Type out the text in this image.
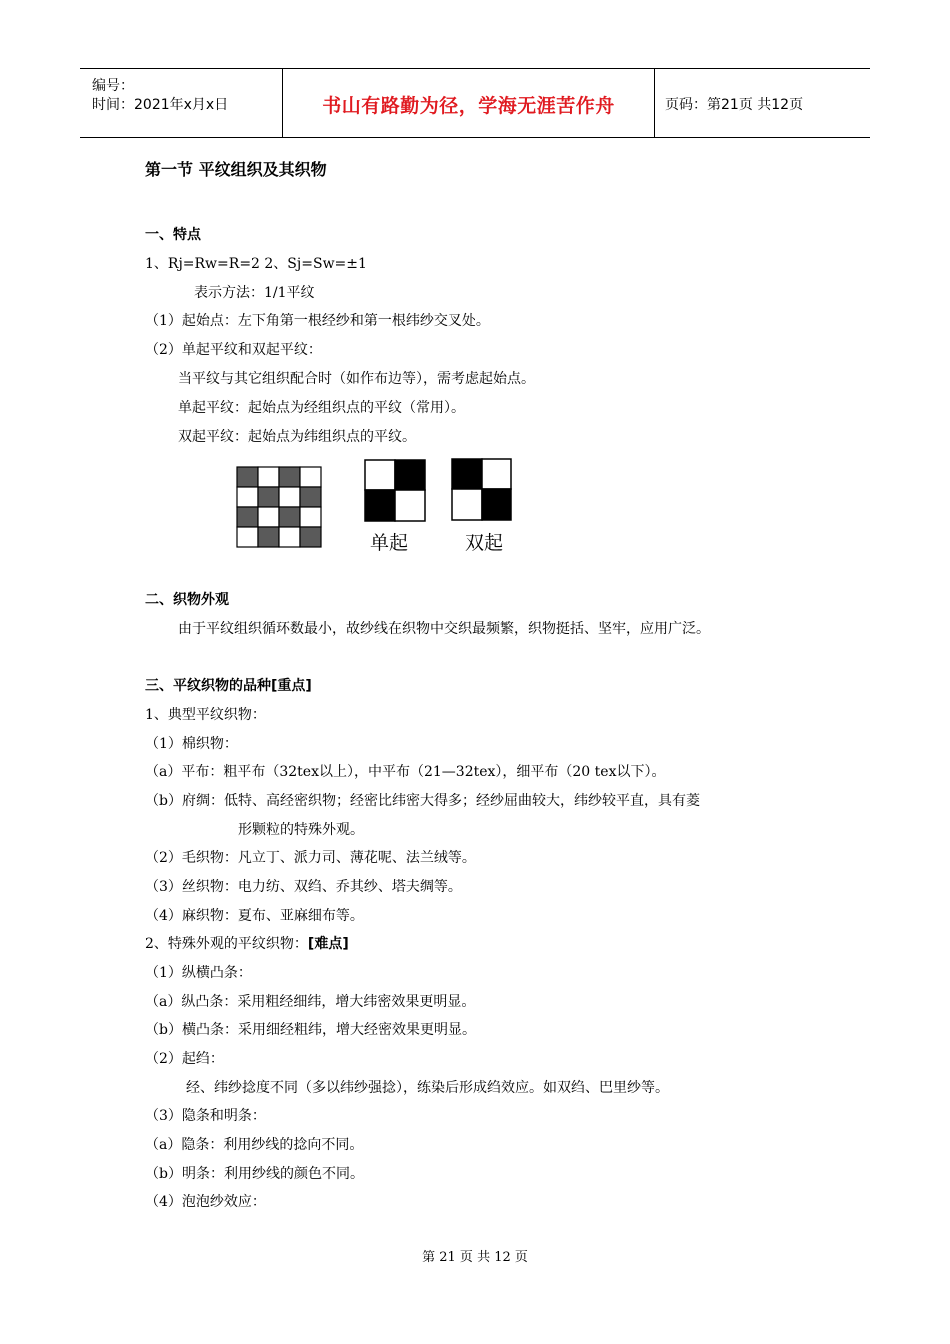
编号：
时间：2021年x月x日	书山有路勤为径，学海无涯苦作舟	页码：第21页 共12页
第一节 平纹组织及其织物
一、特点
1、Rj=Rw=R=2 2、Sj=Sw=±1
表示方法：1/1平纹
（1）起始点：左下角第一根经纱和第一根纬纱交叉处。
（2）单起平纹和双起平纹：
当平纹与其它组织配合时（如作布边等），需考虑起始点。
单起平纹：起始点为经组织点的平纹（常用）。
双起平纹：起始点为纬组织点的平纹。
单起	双起
二、织物外观
由于平纹组织循环数最小，故纱线在织物中交织最频繁，织物挺括、坚牢，应用广泛。
三、平纹织物的品种[重点]
1、典型平纹织物：
（1）棉织物：
（a）平布：粗平布（32tex以上），中平布（21—32tex），细平布（20 tex以下）。
（b）府绸：低特、高经密织物；经密比纬密大得多；经纱屈曲较大，纬纱较平直，具有菱
形颗粒的特殊外观。
（2）毛织物：凡立丁、派力司、薄花呢、法兰绒等。
（3）丝织物：电力纺、双绉、乔其纱、塔夫绸等。
（4）麻织物：夏布、亚麻细布等。
2、特殊外观的平纹织物：[难点]
（1）纵横凸条：
（a）纵凸条：采用粗经细纬，增大纬密效果更明显。
（b）横凸条：采用细经粗纬，增大经密效果更明显。
（2）起绉：
经、纬纱捻度不同（多以纬纱强捻），练染后形成绉效应。如双绉、巴里纱等。
（3）隐条和明条：
（a）隐条：利用纱线的捻向不同。
（b）明条：利用纱线的颜色不同。
（4）泡泡纱效应：
第 21 页 共 12 页
